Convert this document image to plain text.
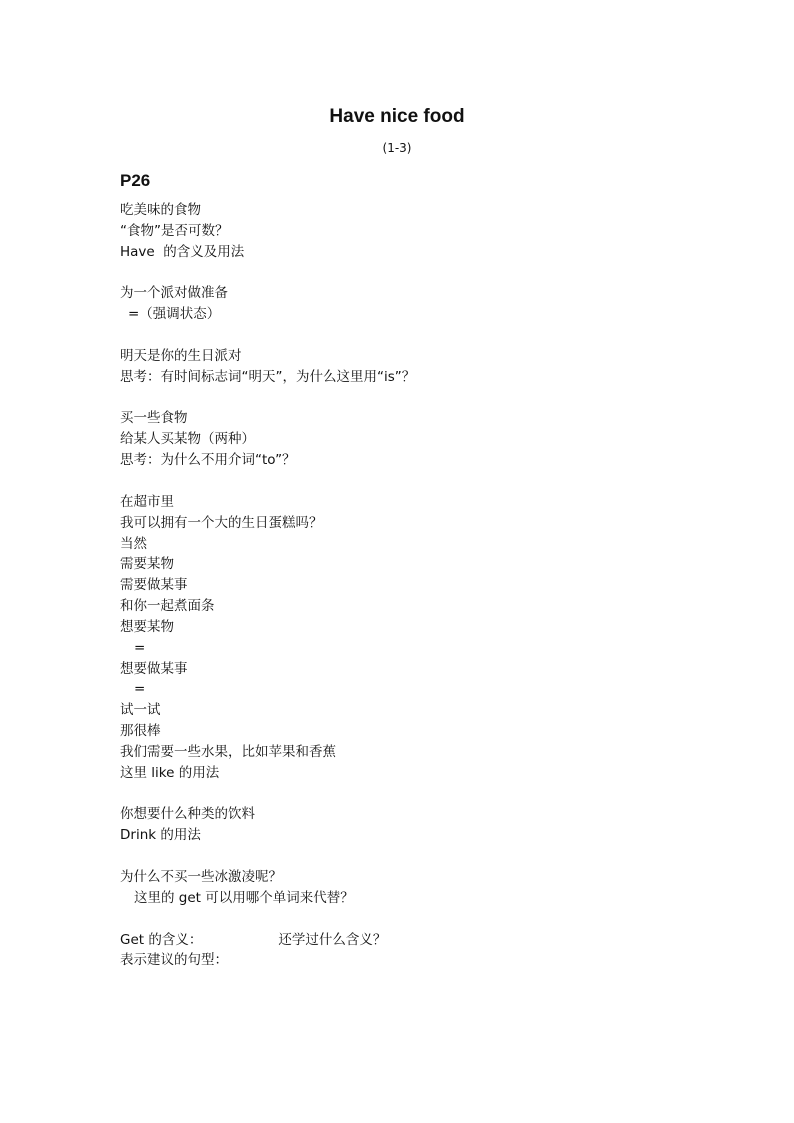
Have nice food
(1-3)
P26
吃美味的食物
“食物”是否可数？
Have  的含义及用法
为一个派对做准备
=（强调状态）
明天是你的生日派对
思考：有时间标志词“明天”，为什么这里用“is”？
买一些食物
给某人买某物（两种）
思考：为什么不用介词“to”？
在超市里
我可以拥有一个大的生日蛋糕吗？
当然
需要某物
需要做某事
和你一起煮面条
想要某物
=
想要做某事
=
试一试
那很棒
我们需要一些水果，比如苹果和香蕉
这里 like 的用法
你想要什么种类的饮料
Drink 的用法
为什么不买一些冰激凌呢？
这里的 get 可以用哪个单词来代替？
Get 的含义：	还学过什么含义？
表示建议的句型：
